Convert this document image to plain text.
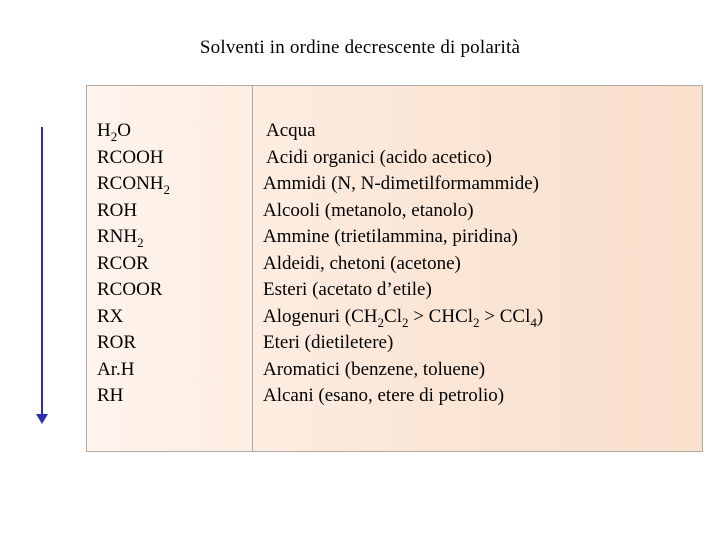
Solventi in ordine decrescente di polarità
$H_2O$
RCOOH
$RCONH_2$
ROH
$RNH_2$
RCOR
RCOOR
RX
ROR
Ar.H
RH
Acqua
Acidi organici (acido acetico)
Ammidi (N, N-dimetilformammide)
Alcooli (metanolo, etanolo)
Ammine (trietilammina, piridina)
Aldeidi, chetoni (acetone)
Esteri (acetato d’etile)
Alogenuri ($CH_2Cl_2$ > CHCl$_2$ > CCl$_4$)
Eteri (dietiletere)
Aromatici (benzene, toluene)
Alcani (esano, etere di petrolio)
